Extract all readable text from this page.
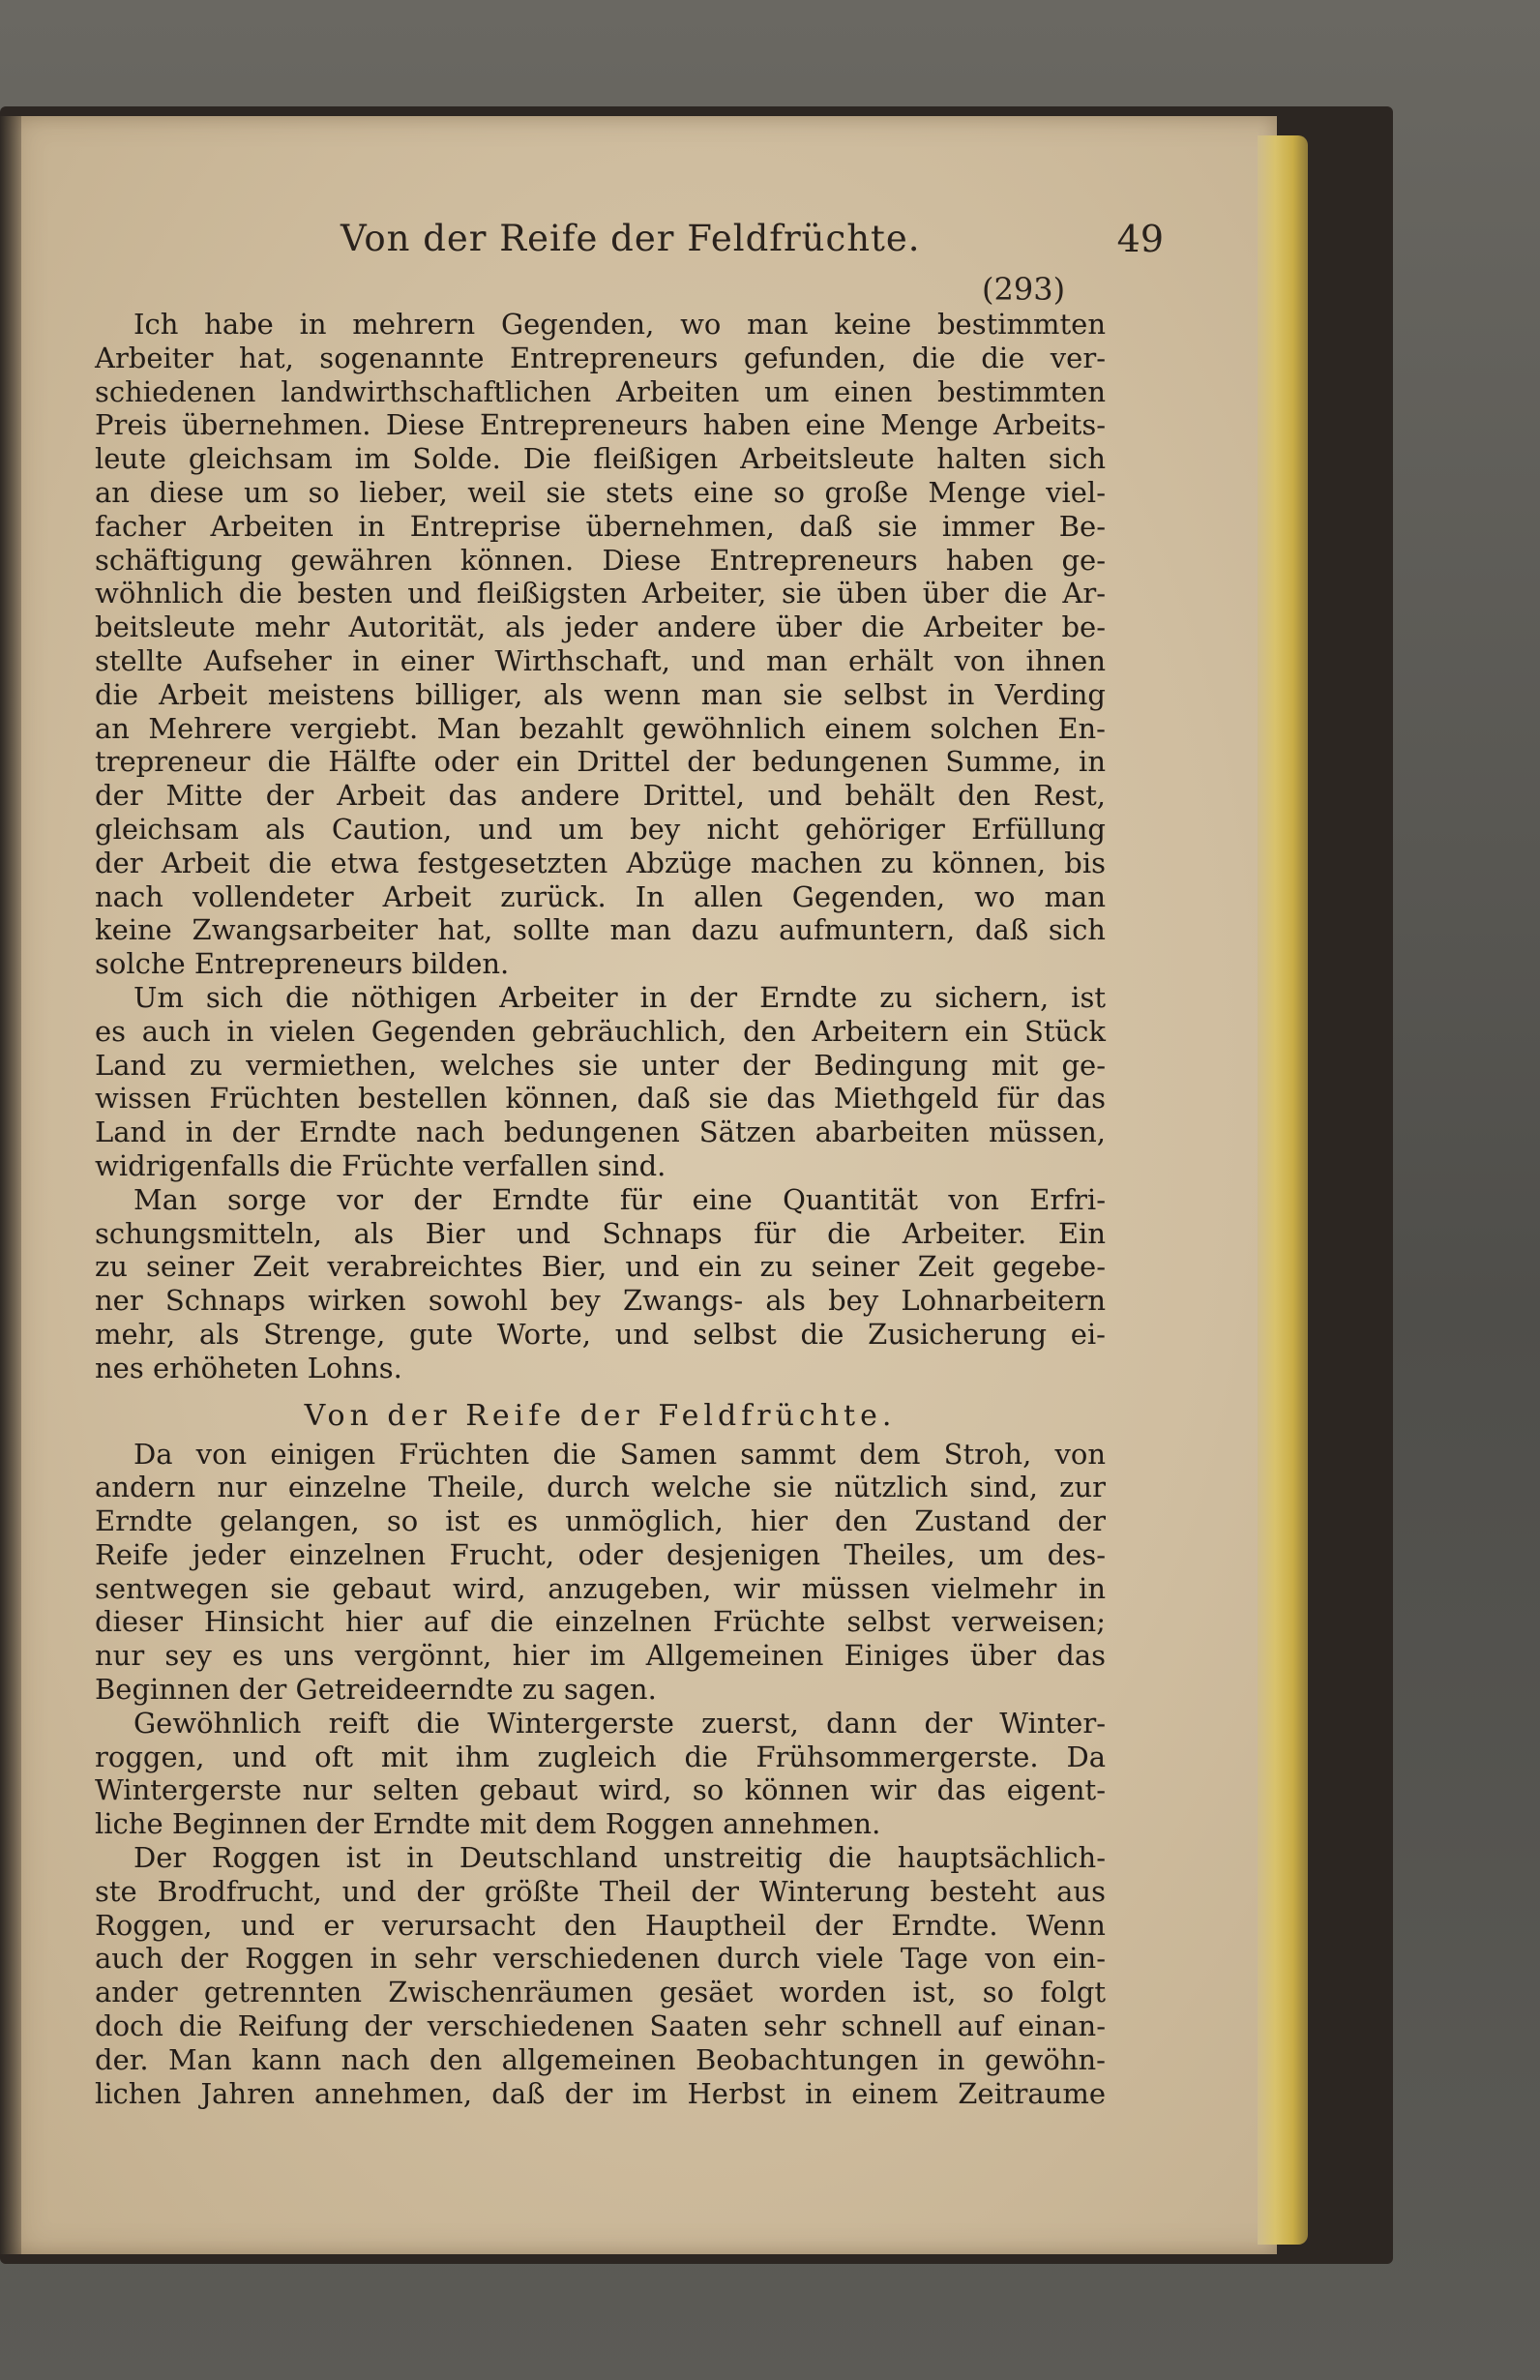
Von der Reife der Feldfrüchte.	49
(293)
Ich habe in mehrern Gegenden, wo man keine bestimmten
Arbeiter hat, sogenannte Entrepreneurs gefunden, die die ver-
schiedenen landwirthschaftlichen Arbeiten um einen bestimmten
Preis übernehmen. Diese Entrepreneurs haben eine Menge Arbeits-
leute gleichsam im Solde. Die fleißigen Arbeitsleute halten sich
an diese um so lieber, weil sie stets eine so große Menge viel-
facher Arbeiten in Entreprise übernehmen, daß sie immer Be-
schäftigung gewähren können. Diese Entrepreneurs haben ge-
wöhnlich die besten und fleißigsten Arbeiter, sie üben über die Ar-
beitsleute mehr Autorität, als jeder andere über die Arbeiter be-
stellte Aufseher in einer Wirthschaft, und man erhält von ihnen
die Arbeit meistens billiger, als wenn man sie selbst in Verding
an Mehrere vergiebt. Man bezahlt gewöhnlich einem solchen En-
trepreneur die Hälfte oder ein Drittel der bedungenen Summe, in
der Mitte der Arbeit das andere Drittel, und behält den Rest,
gleichsam als Caution, und um bey nicht gehöriger Erfüllung
der Arbeit die etwa festgesetzten Abzüge machen zu können, bis
nach vollendeter Arbeit zurück. In allen Gegenden, wo man
keine Zwangsarbeiter hat, sollte man dazu aufmuntern, daß sich
solche Entrepreneurs bilden.
Um sich die nöthigen Arbeiter in der Erndte zu sichern, ist
es auch in vielen Gegenden gebräuchlich, den Arbeitern ein Stück
Land zu vermiethen, welches sie unter der Bedingung mit ge-
wissen Früchten bestellen können, daß sie das Miethgeld für das
Land in der Erndte nach bedungenen Sätzen abarbeiten müssen,
widrigenfalls die Früchte verfallen sind.
Man sorge vor der Erndte für eine Quantität von Erfri-
schungsmitteln, als Bier und Schnaps für die Arbeiter. Ein
zu seiner Zeit verabreichtes Bier, und ein zu seiner Zeit gegebe-
ner Schnaps wirken sowohl bey Zwangs- als bey Lohnarbeitern
mehr, als Strenge, gute Worte, und selbst die Zusicherung ei-
nes erhöheten Lohns.
Von der Reife der Feldfrüchte.
Da von einigen Früchten die Samen sammt dem Stroh, von
andern nur einzelne Theile, durch welche sie nützlich sind, zur
Erndte gelangen, so ist es unmöglich, hier den Zustand der
Reife jeder einzelnen Frucht, oder desjenigen Theiles, um des-
sentwegen sie gebaut wird, anzugeben, wir müssen vielmehr in
dieser Hinsicht hier auf die einzelnen Früchte selbst verweisen;
nur sey es uns vergönnt, hier im Allgemeinen Einiges über das
Beginnen der Getreideerndte zu sagen.
Gewöhnlich reift die Wintergerste zuerst, dann der Winter-
roggen, und oft mit ihm zugleich die Frühsommergerste. Da
Wintergerste nur selten gebaut wird, so können wir das eigent-
liche Beginnen der Erndte mit dem Roggen annehmen.
Der Roggen ist in Deutschland unstreitig die hauptsächlich-
ste Brodfrucht, und der größte Theil der Winterung besteht aus
Roggen, und er verursacht den Hauptheil der Erndte. Wenn
auch der Roggen in sehr verschiedenen durch viele Tage von ein-
ander getrennten Zwischenräumen gesäet worden ist, so folgt
doch die Reifung der verschiedenen Saaten sehr schnell auf einan-
der. Man kann nach den allgemeinen Beobachtungen in gewöhn-
lichen Jahren annehmen, daß der im Herbst in einem Zeitraume
